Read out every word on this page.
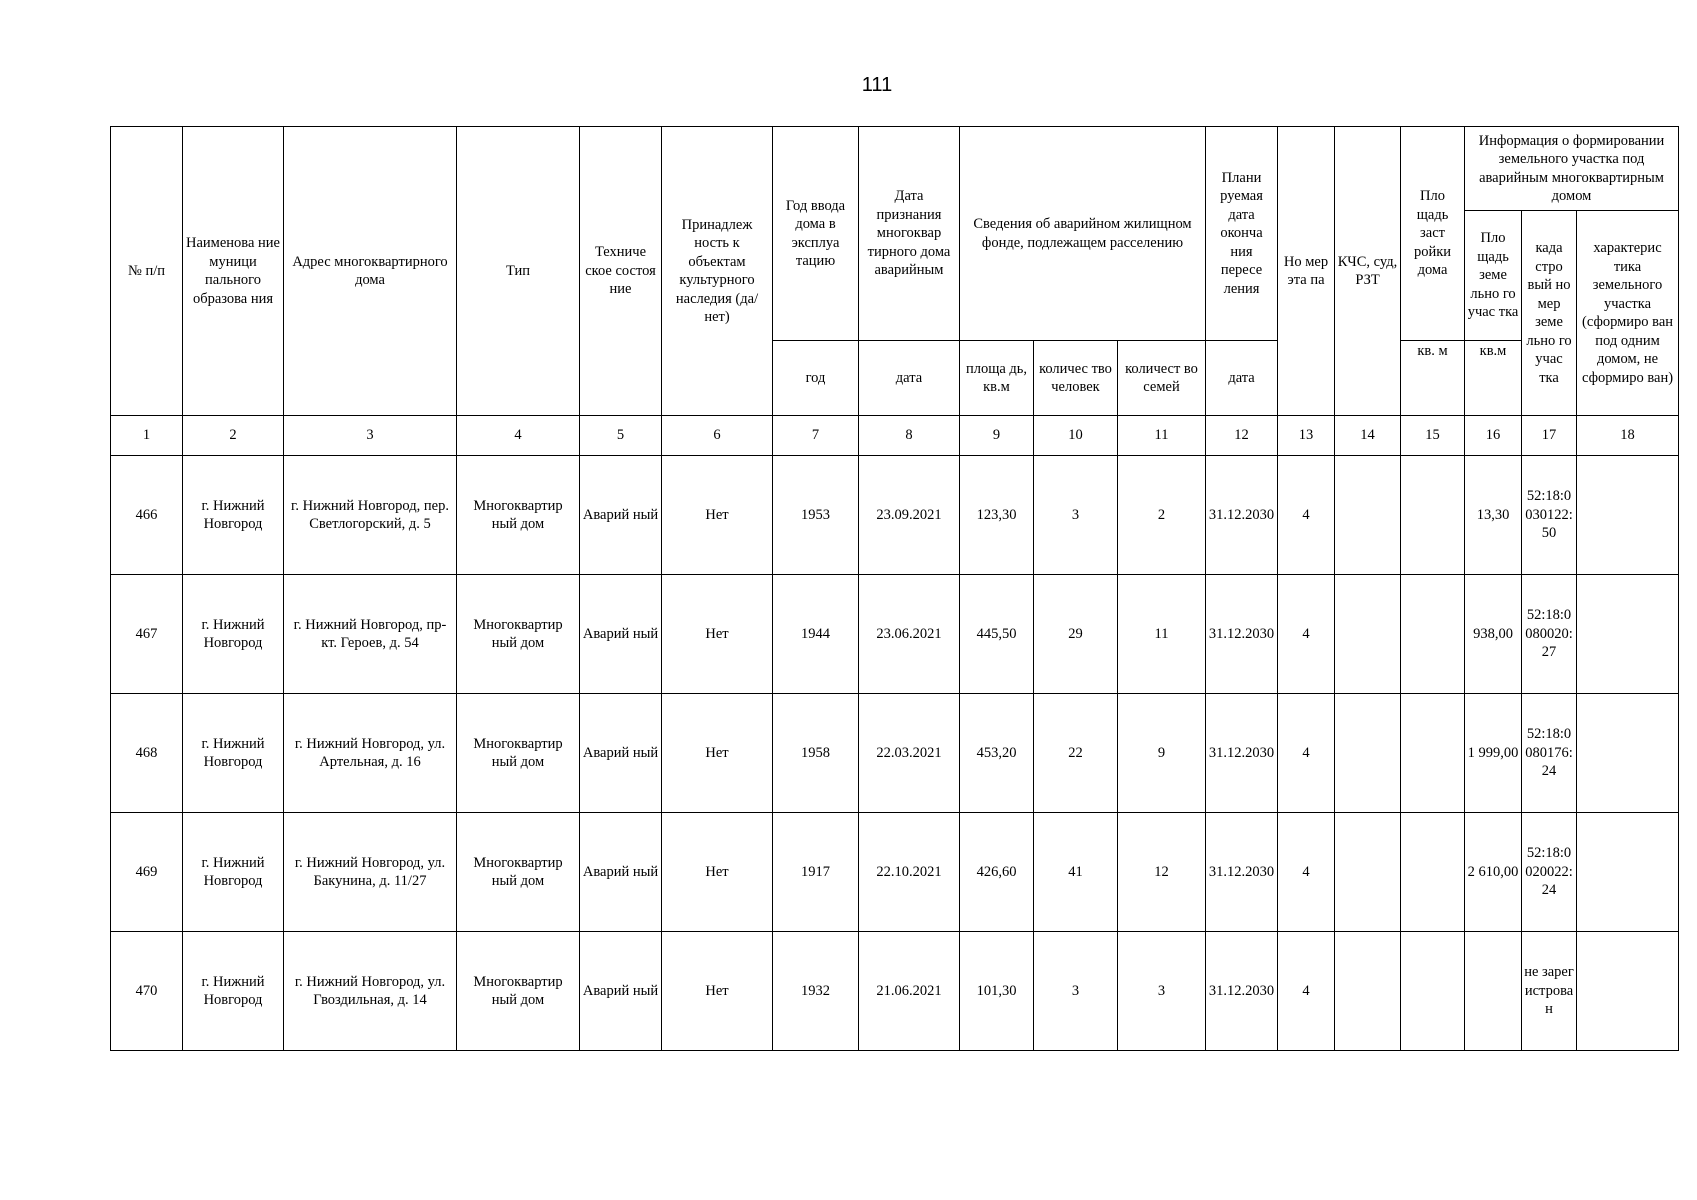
111
№ п/п	Наименова ние муници пального образова ния	Адрес многоквартирного дома	Тип	Техниче ское состоя ние	Принадлеж ность к объектам культурного наследия (да/нет)	Год ввода дома в эксплуа тацию	Дата признания многоквар тирного дома аварийным	Сведения об аварийном жилищном фонде, подлежащем расселению			Плани руемая дата оконча ния пересе ления	Но мер эта па	КЧС, суд, РЗТ	Пло щадь заст ройки дома	Информация о формировании земельного участка под аварийным многоквартирным домом		
															Пло щадь земе льно го учас тка	када стро вый но мер земе льно го учас тка	характерис тика земельного участка (сформиро ван под одним домом, не сформиро ван)
						год	дата	площа дь, кв.м	количес тво человек	количест во семей	дата			кв. м	кв.м		
1	2	3	4	5	6	7	8	9	10	11	12	13	14	15	16	17	18
466	г. Нижний Новгород	г. Нижний Новгород, пер. Светлогорский, д. 5	Многоквартир ный дом	Аварий ный	Нет	1953	23.09.2021	123,30	3	2	31.12.2030	4			13,30	52:18:0030122:50	
467	г. Нижний Новгород	г. Нижний Новгород, пр-кт. Героев, д. 54	Многоквартир ный дом	Аварий ный	Нет	1944	23.06.2021	445,50	29	11	31.12.2030	4			938,00	52:18:0080020:27	
468	г. Нижний Новгород	г. Нижний Новгород, ул. Артельная, д. 16	Многоквартир ный дом	Аварий ный	Нет	1958	22.03.2021	453,20	22	9	31.12.2030	4			1 999,00	52:18:0080176:24	
469	г. Нижний Новгород	г. Нижний Новгород, ул. Бакунина, д. 11/27	Многоквартир ный дом	Аварий ный	Нет	1917	22.10.2021	426,60	41	12	31.12.2030	4			2 610,00	52:18:0020022:24	
470	г. Нижний Новгород	г. Нижний Новгород, ул. Гвоздильная, д. 14	Многоквартир ный дом	Аварий ный	Нет	1932	21.06.2021	101,30	3	3	31.12.2030	4				не зарегистрован	
